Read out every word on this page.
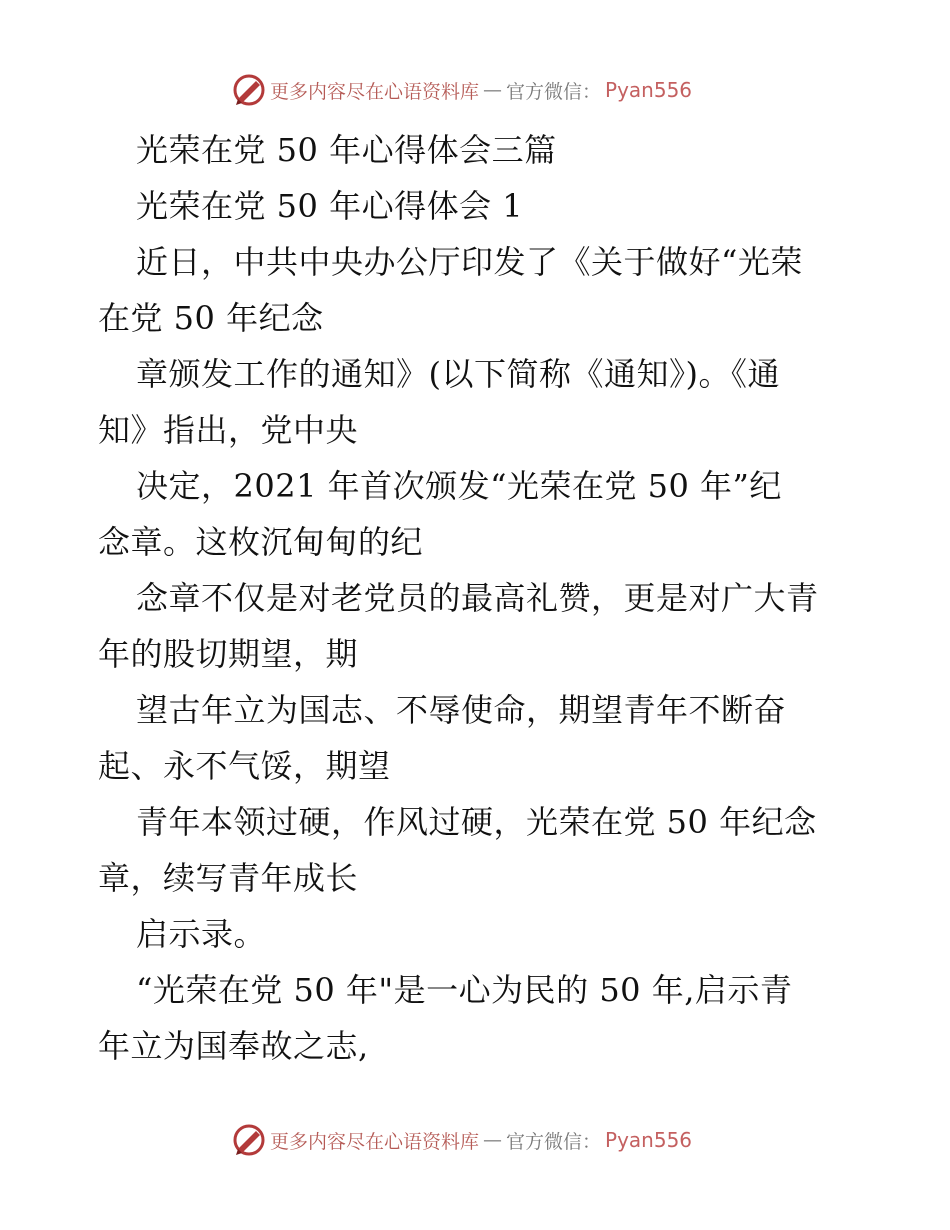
更多内容尽在心语资料库 — 官方微信： Pyan556
光荣在党 50 年心得体会三篇
光荣在党 50 年心得体会 1
近日，中共中央办公厅印发了《关于做好“光荣
在党 50 年纪念
章颁发工作的通知》(以下简称《通知》)。《通
知》指出，党中央
决定，2021 年首次颁发“光荣在党 50 年”纪
念章。这枚沉甸甸的纪
念章不仅是对老党员的最高礼赞，更是对广大青
年的股切期望，期
望古年立为国志、不辱使命，期望青年不断奋
起、永不气馁，期望
青年本领过硬，作风过硬，光荣在党 50 年纪念
章，续写青年成长
启示录。
“光荣在党 50 年"是一心为民的 50 年,启示青
年立为国奉故之志,
更多内容尽在心语资料库 — 官方微信： Pyan556
